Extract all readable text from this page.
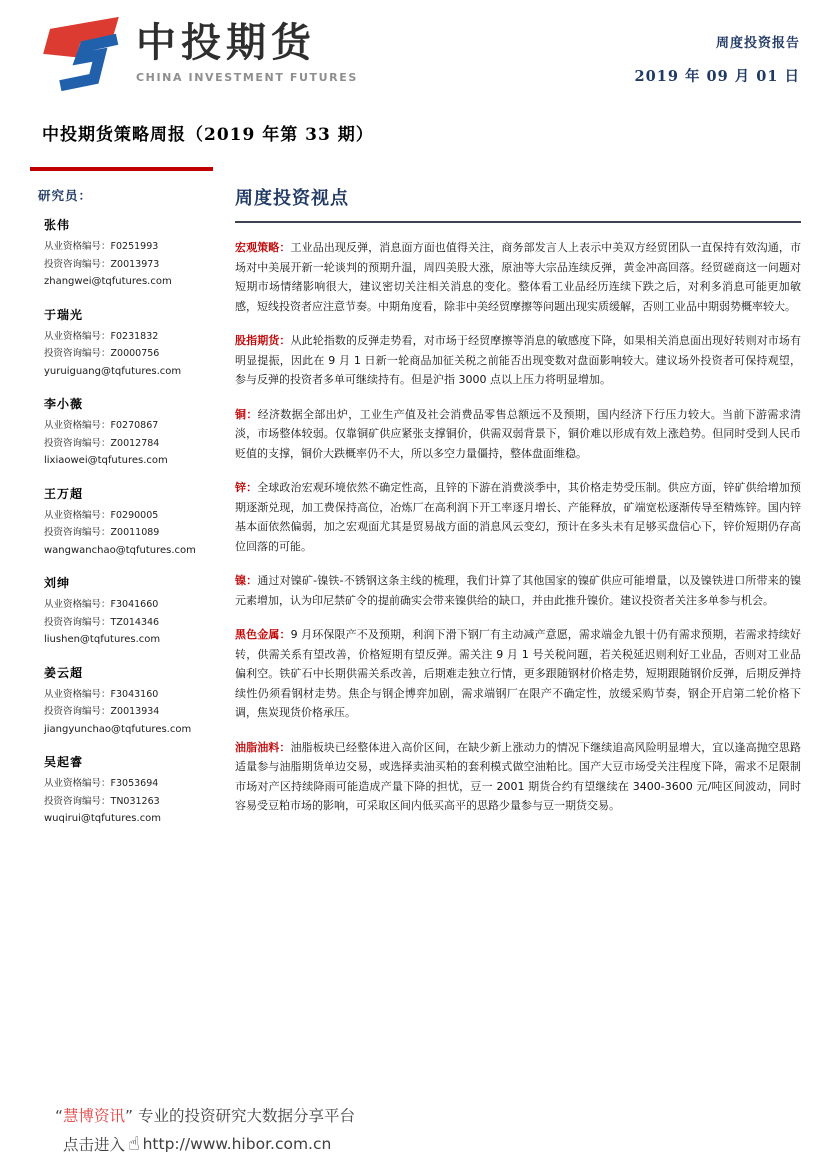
中投期货
CHINA INVESTMENT FUTURES
周度投资报告
2019 年 09 月 01 日
中投期货策略周报（2019 年第 33 期）
研究员：
张伟
从业资格编号：F0251993
投资咨询编号：Z0013973
zhangwei@tqfutures.com
于瑞光
从业资格编号：F0231832
投资咨询编号：Z0000756
yuruiguang@tqfutures.com
李小薇
从业资格编号：F0270867
投资咨询编号：Z0012784
lixiaowei@tqfutures.com
王万超
从业资格编号：F0290005
投资咨询编号：Z0011089
wangwanchao@tqfutures.com
刘绅
从业资格编号：F3041660
投资咨询编号：TZ014346
liushen@tqfutures.com
姜云超
从业资格编号：F3043160
投资咨询编号：Z0013934
jiangyunchao@tqfutures.com
吴起睿
从业资格编号：F3053694
投资咨询编号：TN031263
wuqirui@tqfutures.com
周度投资视点

宏观策略：工业品出现反弹，消息面方面也值得关注，商务部发言人上表示中美双方经贸团队一直保持有效沟通，市场对中美展开新一轮谈判的预期升温，周四美股大涨，原油等大宗品连续反弹，黄金冲高回落。经贸磋商这一问题对短期市场情绪影响很大，建议密切关注相关消息的变化。整体看工业品经历连续下跌之后，对利多消息可能更加敏感，短线投资者应注意节奏。中期角度看，除非中美经贸摩擦等问题出现实质缓解，否则工业品中期弱势概率较大。

股指期货：从此轮指数的反弹走势看，对市场于经贸摩擦等消息的敏感度下降，如果相关消息面出现好转则对市场有明显提振，因此在 9 月 1 日新一轮商品加征关税之前能否出现变数对盘面影响较大。建议场外投资者可保持观望，参与反弹的投资者多单可继续持有。但是沪指 3000 点以上压力将明显增加。

铜：经济数据全部出炉，工业生产值及社会消费品零售总额远不及预期，国内经济下行压力较大。当前下游需求清淡，市场整体较弱。仅靠铜矿供应紧张支撑铜价，供需双弱背景下，铜价难以形成有效上涨趋势。但同时受到人民币贬值的支撑，铜价大跌概率仍不大，所以多空力量僵持，整体盘面维稳。

锌：全球政治宏观环境依然不确定性高，且锌的下游在消费淡季中，其价格走势受压制。供应方面，锌矿供给增加预期逐渐兑现，加工费保持高位，冶炼厂在高利润下开工率逐月增长、产能释放，矿端宽松逐渐传导至精炼锌。国内锌基本面依然偏弱，加之宏观面尤其是贸易战方面的消息风云变幻，预计在多头未有足够买盘信心下，锌价短期仍存高位回落的可能。

镍：通过对镍矿-镍铁-不锈钢这条主线的梳理，我们计算了其他国家的镍矿供应可能增量，以及镍铁进口所带来的镍元素增加，认为印尼禁矿令的提前确实会带来镍供给的缺口，并由此推升镍价。建议投资者关注多单参与机会。

黑色金属：9 月环保限产不及预期，利润下滑下钢厂有主动减产意愿，需求端金九银十仍有需求预期，若需求持续好转，供需关系有望改善，价格短期有望反弹。需关注 9 月 1 号关税问题，若关税延迟则利好工业品，否则对工业品偏利空。铁矿石中长期供需关系改善，后期难走独立行情，更多跟随钢材价格走势，短期跟随钢价反弹，后期反弹持续性仍须看钢材走势。焦企与钢企博弈加剧，需求端钢厂在限产不确定性，放缓采购节奏，钢企开启第二轮价格下调，焦炭现货价格承压。

油脂油料：油脂板块已经整体进入高价区间，在缺少新上涨动力的情况下继续追高风险明显增大，宜以逢高抛空思路适量参与油脂期货单边交易，或选择卖油买粕的套利模式做空油粕比。国产大豆市场受关注程度下降，需求不足限制市场对产区持续降雨可能造成产量下降的担忧，豆一 2001 期货合约有望继续在 3400-3600 元/吨区间波动，同时容易受豆粕市场的影响，可采取区间内低买高平的思路少量参与豆一期货交易。

“慧博资讯” 专业的投资研究大数据分享平台
点击进入 ☝ http://www.hibor.com.cn
